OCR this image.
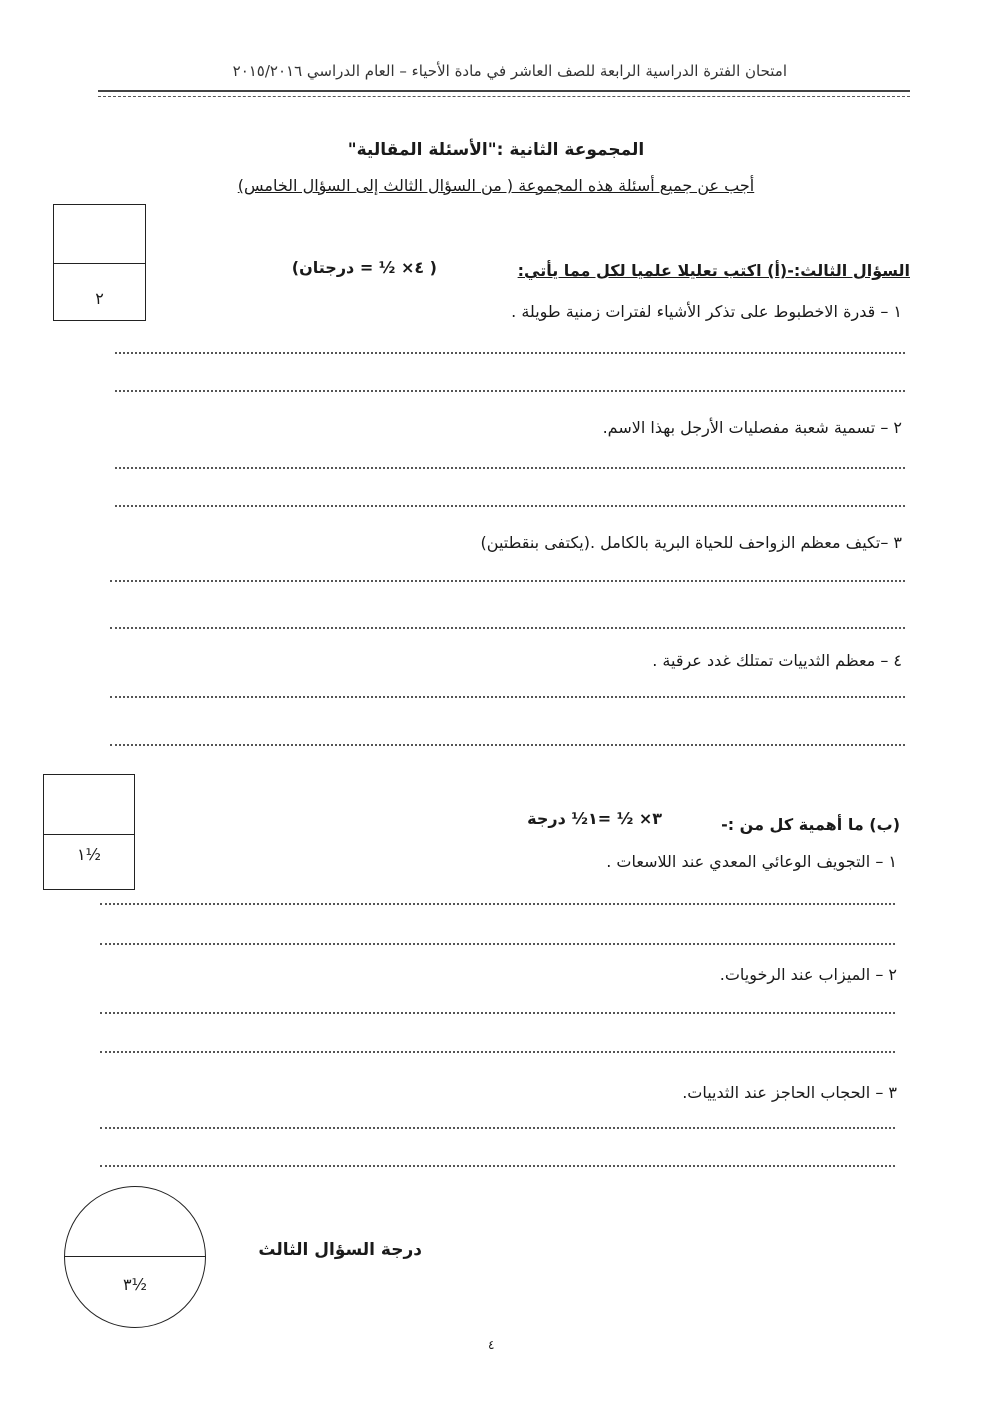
امتحان الفترة الدراسية الرابعة للصف العاشر في مادة الأحياء – العام الدراسي ٢٠١٥/٢٠١٦
المجموعة الثانية :"الأسئلة المقالية"
أجب عن جميع أسئلة هذه المجموعة ( من السؤال الثالث إلى السؤال الخامس)
٢
السؤال الثالث:-(أ) اكتب تعليلا علميا لكل مما يأتي:
( ٤× ½ = درجتان)
١ – قدرة الاخطبوط على تذكر الأشياء لفترات زمنية طويلة .
٢ – تسمية شعبة مفصليات الأرجل بهذا الاسم.
٣ –تكيف معظم الزواحف للحياة البرية بالكامل .(يكتفى بنقطتين)
٤ – معظم الثدييات تمتلك غدد عرقية .
١½
(ب) ما أهمية كل من :-
٣× ½ =١½ درجة
١ – التجويف الوعائي المعدي عند اللاسعات .
٢ – الميزاب عند الرخويات.
٣ – الحجاب الحاجز عند الثدييات.
٣½
درجة السؤال الثالث
٤
